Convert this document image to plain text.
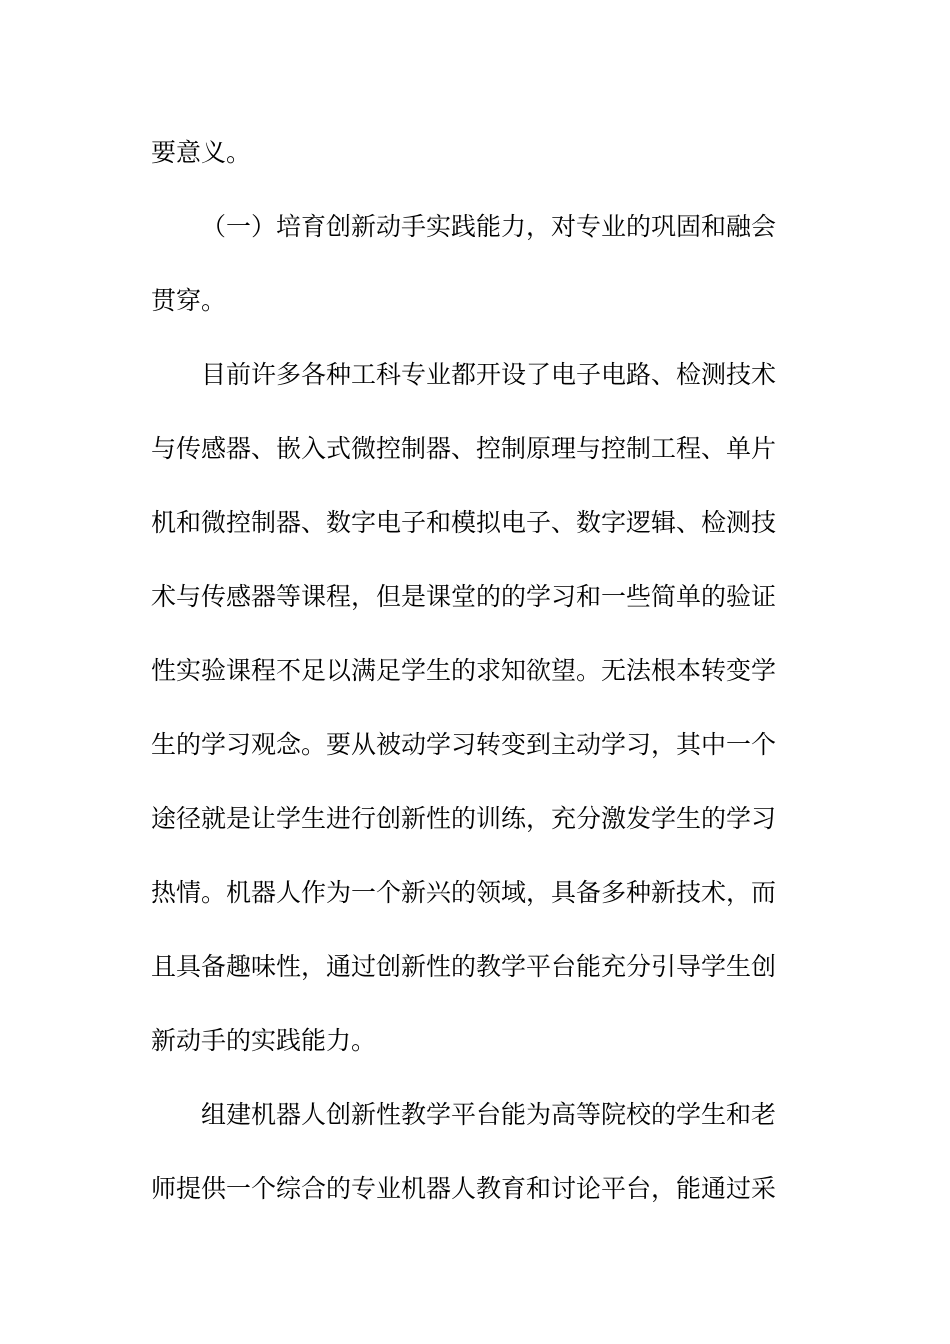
要意义。
（一）培育创新动手实践能力，对专业的巩固和融会
贯穿。
目前许多各种工科专业都开设了电子电路、检测技术
与传感器、嵌入式微控制器、控制原理与控制工程、单片
机和微控制器、数字电子和模拟电子、数字逻辑、检测技
术与传感器等课程，但是课堂的的学习和一些简单的验证
性实验课程不足以满足学生的求知欲望。无法根本转变学
生的学习观念。要从被动学习转变到主动学习，其中一个
途径就是让学生进行创新性的训练，充分激发学生的学习
热情。机器人作为一个新兴的领域，具备多种新技术，而
且具备趣味性，通过创新性的教学平台能充分引导学生创
新动手的实践能力。
组建机器人创新性教学平台能为高等院校的学生和老
师提供一个综合的专业机器人教育和讨论平台，能通过采
